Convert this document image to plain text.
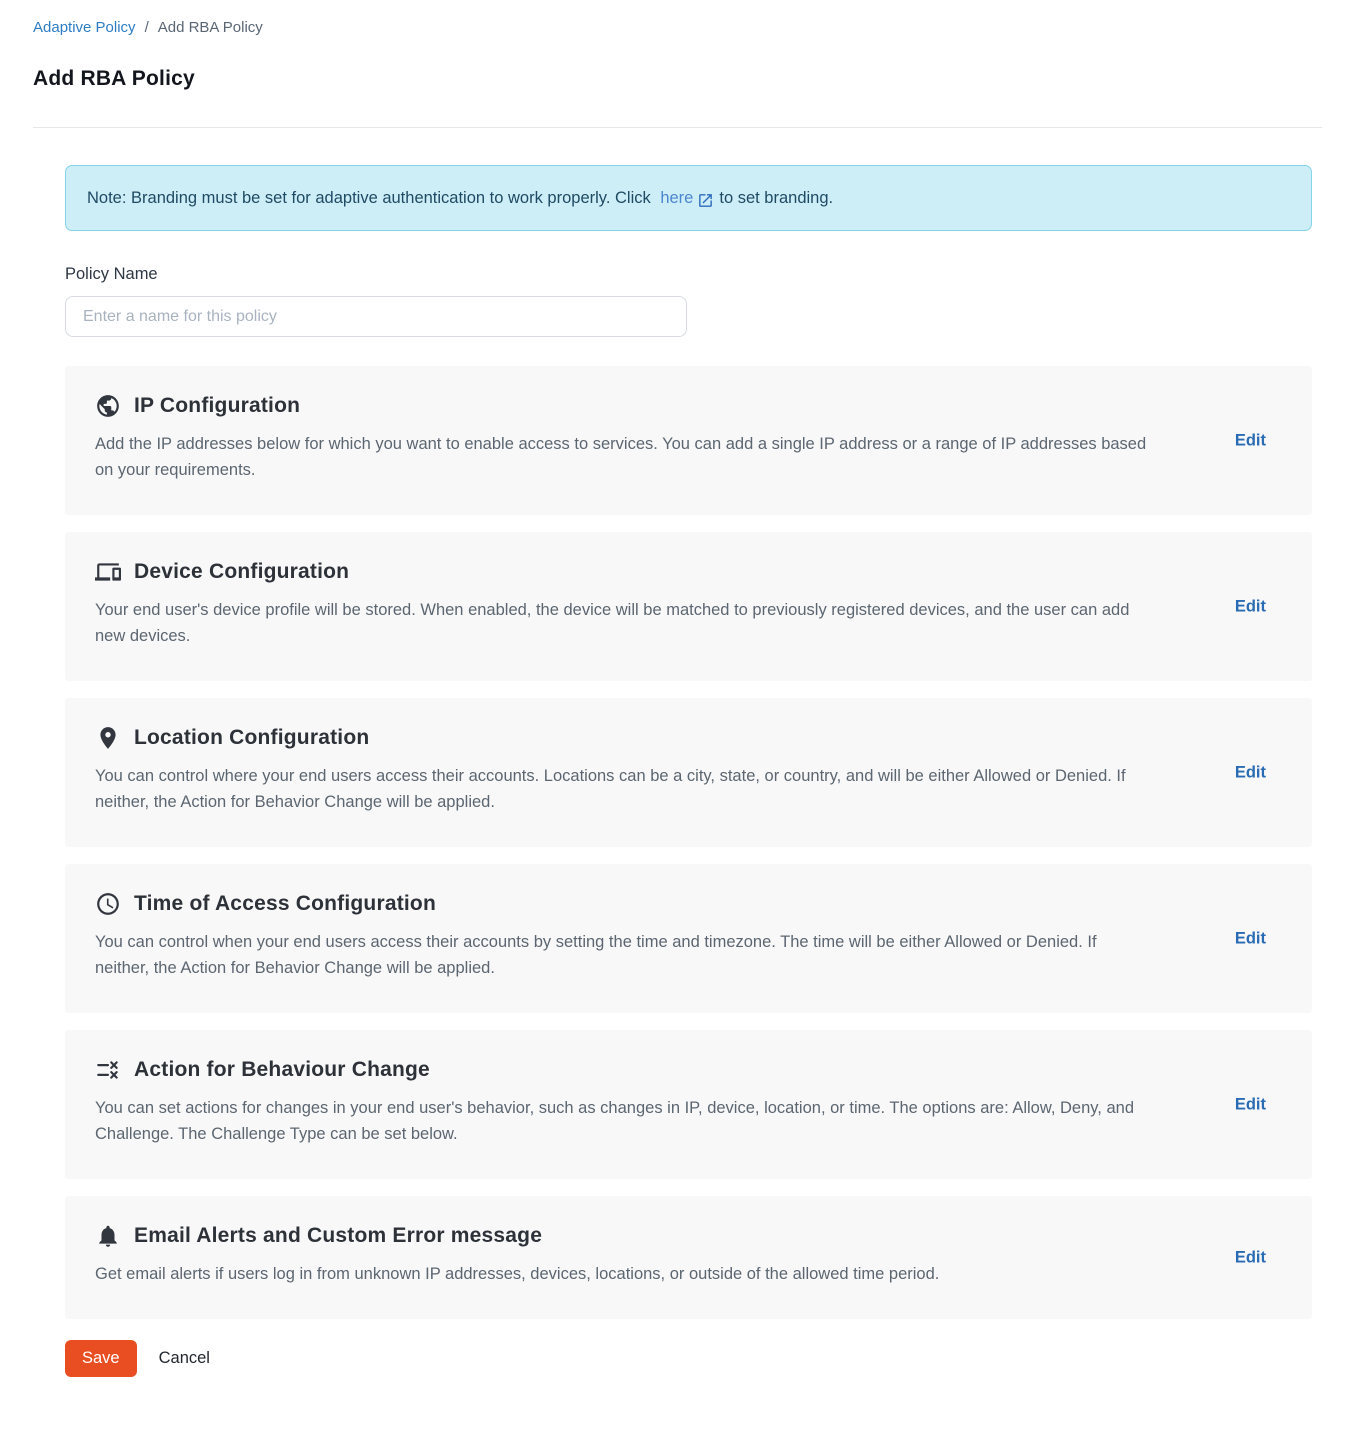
Adaptive Policy / Add RBA Policy
Add RBA Policy
Note: Branding must be set for adaptive authentication to work properly. Click
here to set branding.
Policy Name
Enter a name for this policy
IP Configuration
Add the IP addresses below for which you want to enable access to services. You can add a single IP address or a range of IP addresses based on your requirements.
Edit
Device Configuration
Your end user's device profile will be stored. When enabled, the device will be matched to previously registered devices, and the user can add new devices.
Edit
Location Configuration
You can control where your end users access their accounts. Locations can be a city, state, or country, and will be either Allowed or Denied. If neither, the Action for Behavior Change will be applied.
Edit
Time of Access Configuration
You can control when your end users access their accounts by setting the time and timezone. The time will be either Allowed or Denied. If neither, the Action for Behavior Change will be applied.
Edit
Action for Behaviour Change
You can set actions for changes in your end user's behavior, such as changes in IP, device, location, or time. The options are: Allow, Deny, and Challenge. The Challenge Type can be set below.
Edit
Email Alerts and Custom Error message
Get email alerts if users log in from unknown IP addresses, devices, locations, or outside of the allowed time period.
Edit
Save	Cancel
